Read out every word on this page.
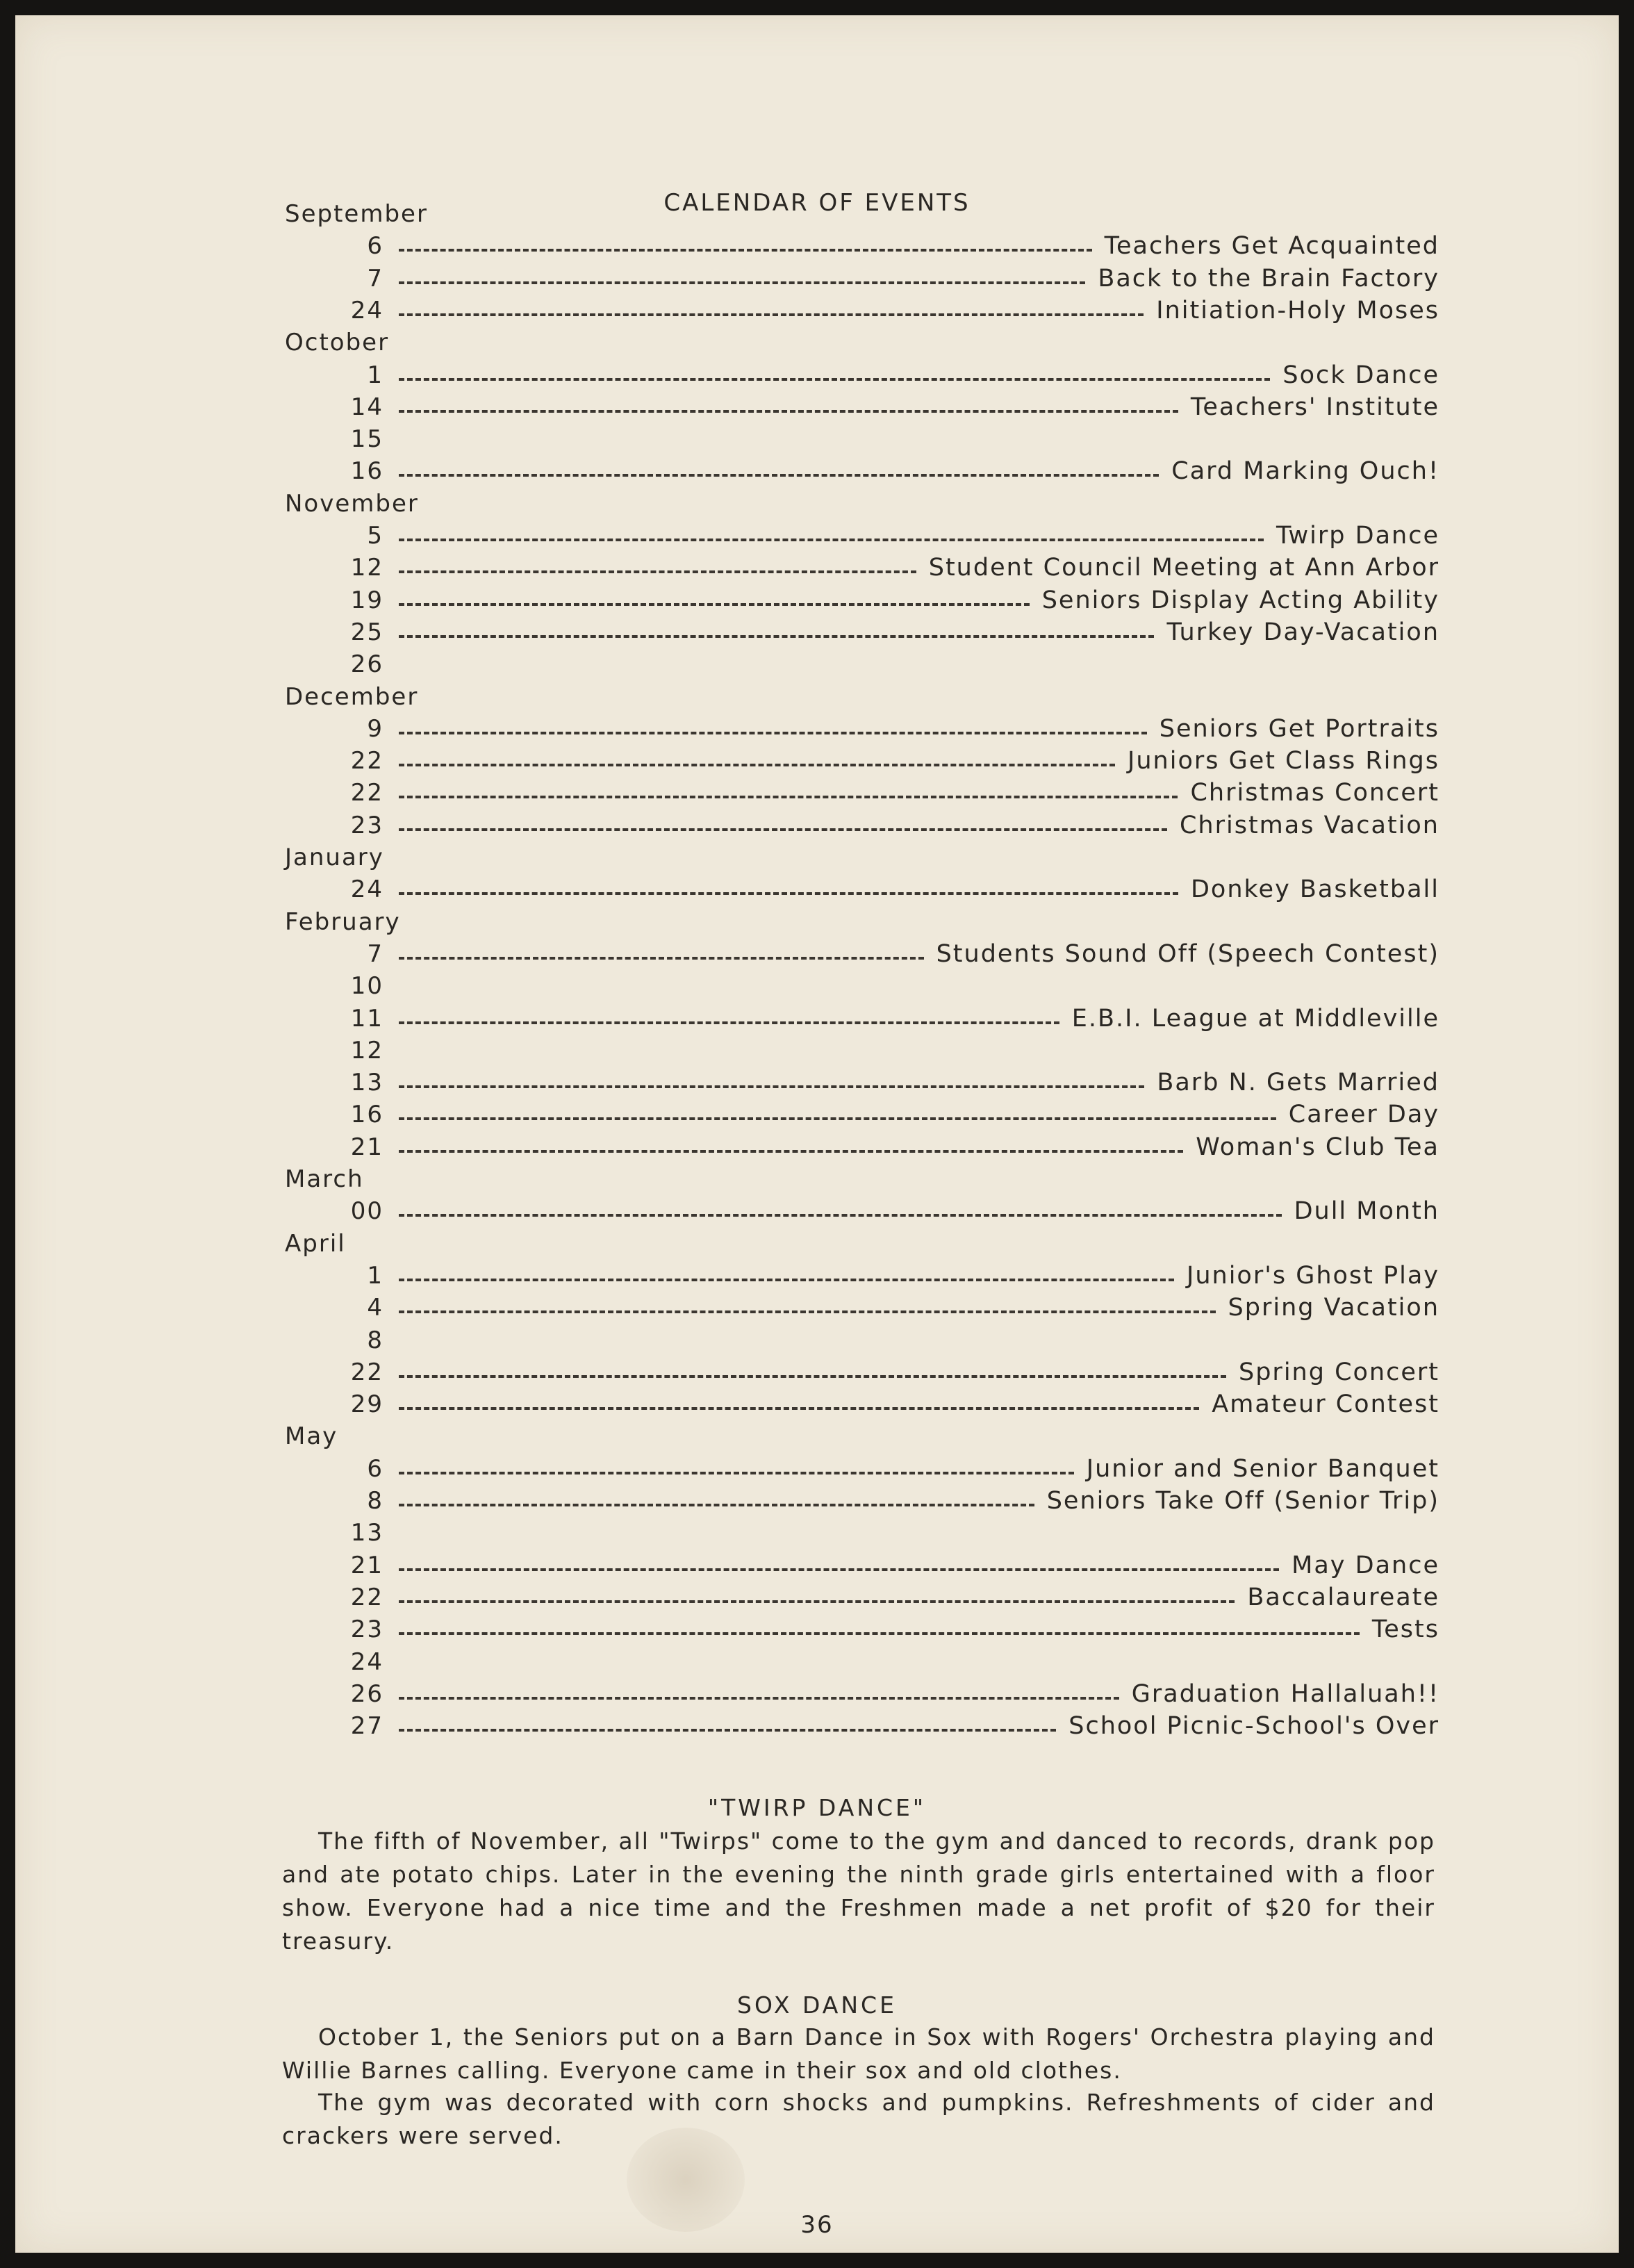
CALENDAR OF EVENTS
September
6	Teachers Get Acquainted
7	Back to the Brain Factory
24	Initiation-Holy Moses
October
1	Sock Dance
14	Teachers' Institute
15
16	Card Marking Ouch!
November
5	Twirp Dance
12	Student Council Meeting at Ann Arbor
19	Seniors Display Acting Ability
25	Turkey Day-Vacation
26
December
9	Seniors Get Portraits
22	Juniors Get Class Rings
22	Christmas Concert
23	Christmas Vacation
January
24	Donkey Basketball
February
7	Students Sound Off (Speech Contest)
10
11	E.B.I. League at Middleville
12
13	Barb N. Gets Married
16	Career Day
21	Woman's Club Tea
March
00	Dull Month
April
1	Junior's Ghost Play
4	Spring Vacation
8
22	Spring Concert
29	Amateur Contest
May
6	Junior and Senior Banquet
8	Seniors Take Off (Senior Trip)
13
21	May Dance
22	Baccalaureate
23	Tests
24
26	Graduation Hallaluah!!
27	School Picnic-School's Over
"TWIRP DANCE"

The fifth of November, all "Twirps" come to the gym and danced to records, drank pop and ate potato chips. Later in the evening the ninth grade girls entertained with a floor show. Everyone had a nice time and the Freshmen made a net profit of $20 for their treasury.

SOX DANCE

October 1, the Seniors put on a Barn Dance in Sox with Rogers' Orchestra playing and Willie Barnes calling. Everyone came in their sox and old clothes.

The gym was decorated with corn shocks and pumpkins. Refreshments of cider and crackers were served.

36
